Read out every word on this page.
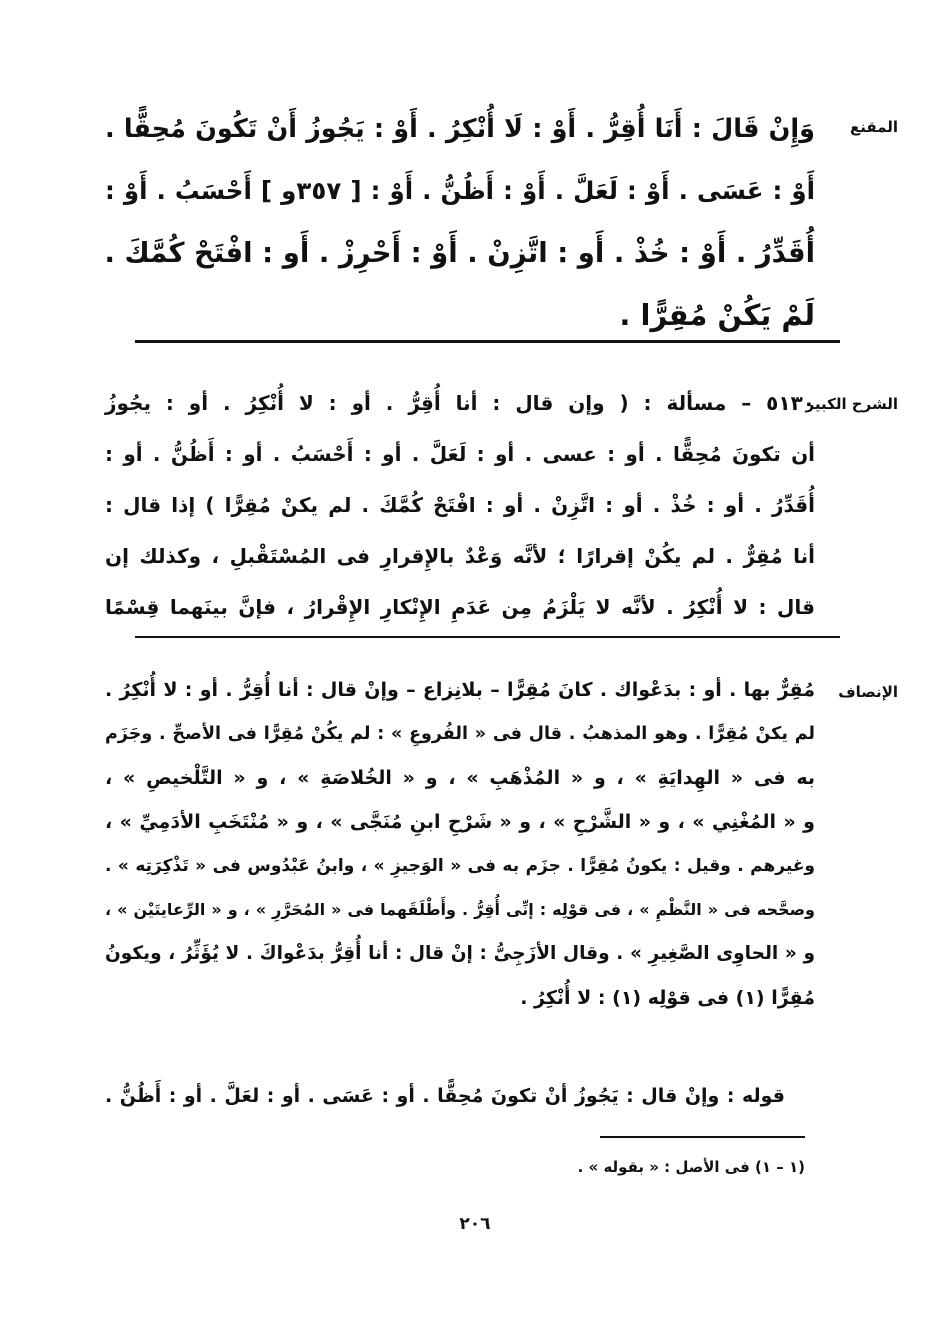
المقنع
وَإِنْ قَالَ : أَنَا أُقِرُّ . أَوْ : لَا أُنْكِرُ . أَوْ : يَجُوزُ أَنْ تَكُونَ مُحِقًّا .
أَوْ : عَسَى . أَوْ : لَعَلَّ . أَوْ : أَظُنُّ . أَوْ : [ ٣٥٧و ] أَحْسَبُ . أَوْ :
أُقَدِّرُ . أَوْ : خُذْ . أَو : اتَّزِنْ . أَوْ : أَحْرِزْ . أَو : افْتَحْ كُمَّكَ .
لَمْ يَكُنْ مُقِرًّا .
الشرح الكبير
٥١٣٠ – مسألة : ( وإن قال : أنا أُقِرُّ . أو : لا أُنْكِرُ . أو : يجُوزُ
أن تكونَ مُحِقًّا . أو : عسى . أو : لَعَلَّ . أو : أَحْسَبُ . أو : أَظُنُّ . أو :
أُقَدِّرُ . أو : خُذْ . أو : اتَّزِنْ . أو : افْتَحْ كُمَّكَ . لم يكنْ مُقِرًّا ) إذا قال :
أنا مُقِرٌّ . لم يكُنْ إقرارًا ؛ لأنَّه وَعْدٌ بالإِقرارِ فى المُسْتَقْبلِ ، وكذلك إن
قال : لا أُنْكِرُ . لأنَّه لا يَلْزَمُ مِن عَدَمِ الإِنْكارِ الإِقْرارُ ، فإنَّ بينَهما قِسْمًا
الإنصاف
مُقِرٌّ بها . أو : بدَعْواك . كانَ مُقِرًّا – بلانِزاع – وإنْ قال : أنا أُقِرُّ . أو : لا أُنْكِرُ .
لم يكنْ مُقِرًّا . وهو المذهبُ . قال فى « الفُروعِ » : لم يكُنْ مُقِرًّا فى الأصحِّ . وجَزَم
به فى « الهِدايَةِ » ، و « المُذْهَبِ » ، و « الخُلاصَةِ » ، و « التَّلْخيصِ » ،
و « المُغْنِي » ، و « الشَّرْحِ » ، و « شَرْحِ ابنِ مُنَجَّى » ، و « مُنْتَخَبِ الأدَمِيِّ » ،
وغيرهم . وقيل : يكونُ مُقِرًّا . جزَم به فى « الوَجيزِ » ، وابنُ عَبْدُوس فى « تَذْكِرَتِه » .
وصحَّحه فى « النَّظْمِ » ، فى قوْلِه : إنِّى أُقِرُّ . وأَطْلَقَهما فى « المُحَرَّرِ » ، و « الرِّعايتَيْن » ،
و « الحاوِى الصَّغِيرِ » . وقال الأزَجِىُّ : إنْ قال : أنا أُقِرُّ بدَعْواكَ . لا يُؤَثِّرُ ، ويكونُ
مُقِرًّا (١) فى قوْلِه (١) : لا أُنْكِرُ .
قوله : وإنْ قال : يَجُوزُ أنْ تكونَ مُحِقًّا . أو : عَسَى . أو : لعَلَّ . أو : أَظُنُّ .
(١ – ١) فى الأصل : « بقوله » .
٢٠٦
